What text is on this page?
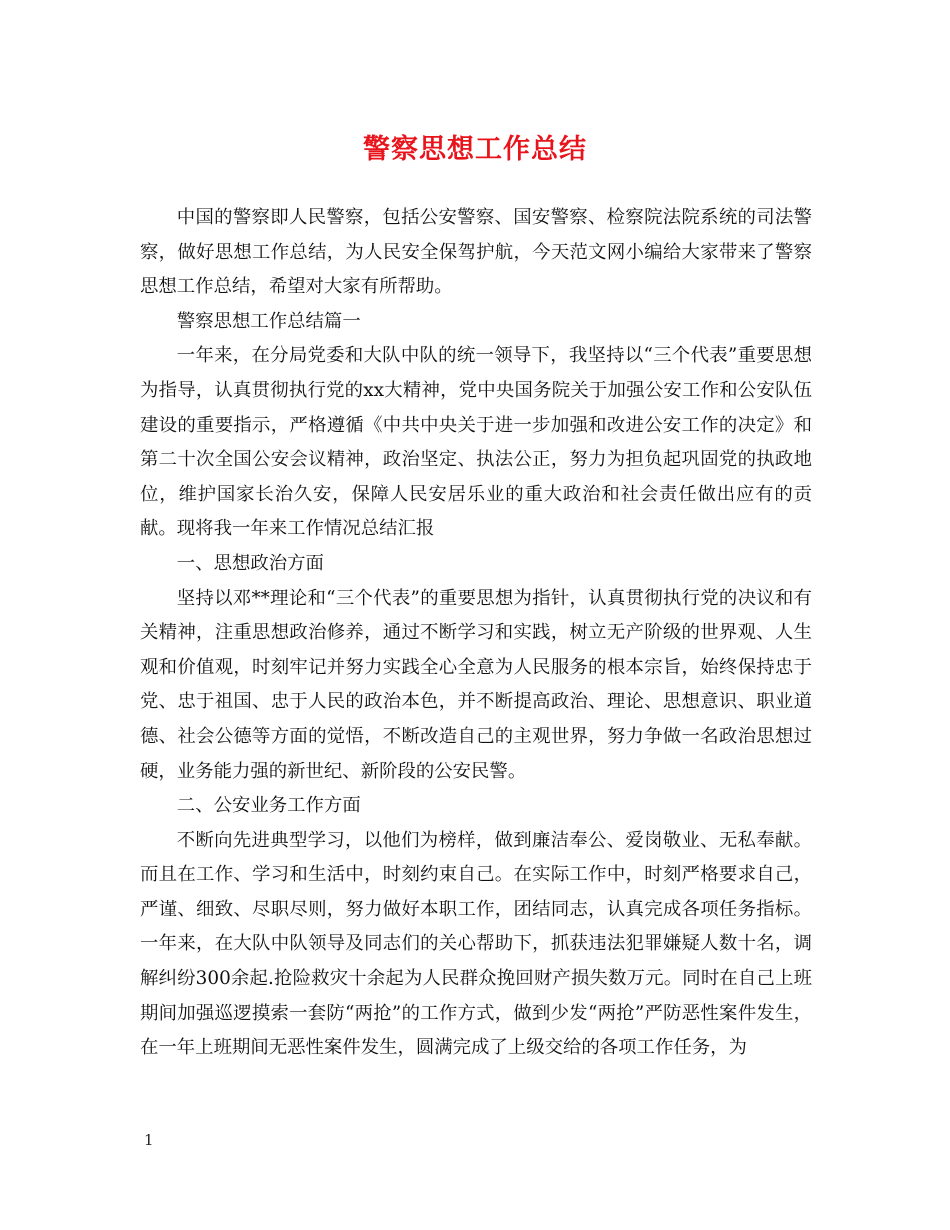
警察思想工作总结

中国的警察即人民警察，包括公安警察、国安警察、检察院法院系统的司法警察，做好思想工作总结，为人民安全保驾护航，今天范文网小编给大家带来了警察思想工作总结，希望对大家有所帮助。

警察思想工作总结篇一

一年来，在分局党委和大队中队的统一领导下，我坚持以“三个代表”重要思想为指导，认真贯彻执行党的xx大精神，党中央国务院关于加强公安工作和公安队伍建设的重要指示，严格遵循《中共中央关于进一步加强和改进公安工作的决定》和第二十次全国公安会议精神，政治坚定、执法公正，努力为担负起巩固党的执政地位，维护国家长治久安，保障人民安居乐业的重大政治和社会责任做出应有的贡献。现将我一年来工作情况总结汇报

一、思想政治方面

坚持以邓**理论和“三个代表”的重要思想为指针，认真贯彻执行党的决议和有关精神，注重思想政治修养，通过不断学习和实践，树立无产阶级的世界观、人生观和价值观，时刻牢记并努力实践全心全意为人民服务的根本宗旨，始终保持忠于党、忠于祖国、忠于人民的政治本色，并不断提高政治、理论、思想意识、职业道德、社会公德等方面的觉悟，不断改造自己的主观世界，努力争做一名政治思想过硬，业务能力强的新世纪、新阶段的公安民警。

二、公安业务工作方面

不断向先进典型学习，以他们为榜样，做到廉洁奉公、爱岗敬业、无私奉献。而且在工作、学习和生活中，时刻约束自己。在实际工作中，时刻严格要求自己，严谨、细致、尽职尽则，努力做好本职工作，团结同志，认真完成各项任务指标。一年来，在大队中队领导及同志们的关心帮助下，抓获违法犯罪嫌疑人数十名，调解纠纷300余起.抢险救灾十余起为人民群众挽回财产损失数万元。同时在自己上班期间加强巡逻摸索一套防“两抢”的工作方式，做到少发“两抢”严防恶性案件发生，在一年上班期间无恶性案件发生，圆满完成了上级交给的各项工作任务，为

1
